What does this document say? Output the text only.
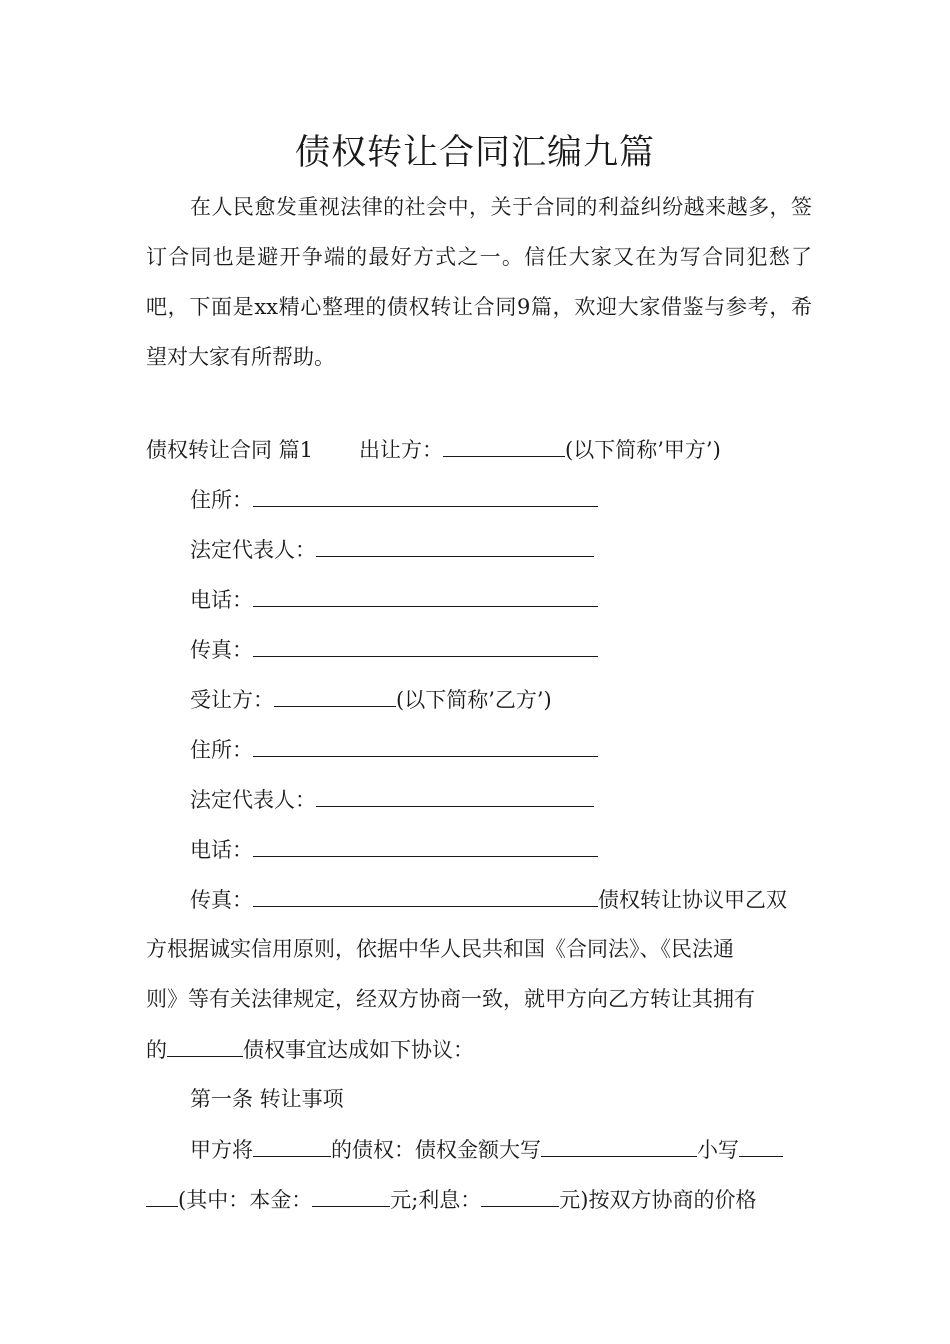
债权转让合同汇编九篇
在人民愈发重视法律的社会中，关于合同的利益纠纷越来越多，签订合同也是避开争端的最好方式之一。信任大家又在为写合同犯愁了吧，下面是xx精心整理的债权转让合同9篇，欢迎大家借鉴与参考，希望对大家有所帮助。
债权转让合同 篇1 出让方：	(以下简称’甲方’)
住所：
法定代表人：
电话：
传真：
受让方：	(以下简称’乙方’)
住所：
法定代表人：
电话：
传真：	债权转让协议甲乙双
方根据诚实信用原则，依据中华人民共和国《合同法》、《民法通
则》等有关法律规定，经双方协商一致，就甲方向乙方转让其拥有
的	债权事宜达成如下协议：
第一条 转让事项
甲方将	的债权：债权金额大写	小写
(其中：本金：	元;利息：	元)按双方协商的价格
